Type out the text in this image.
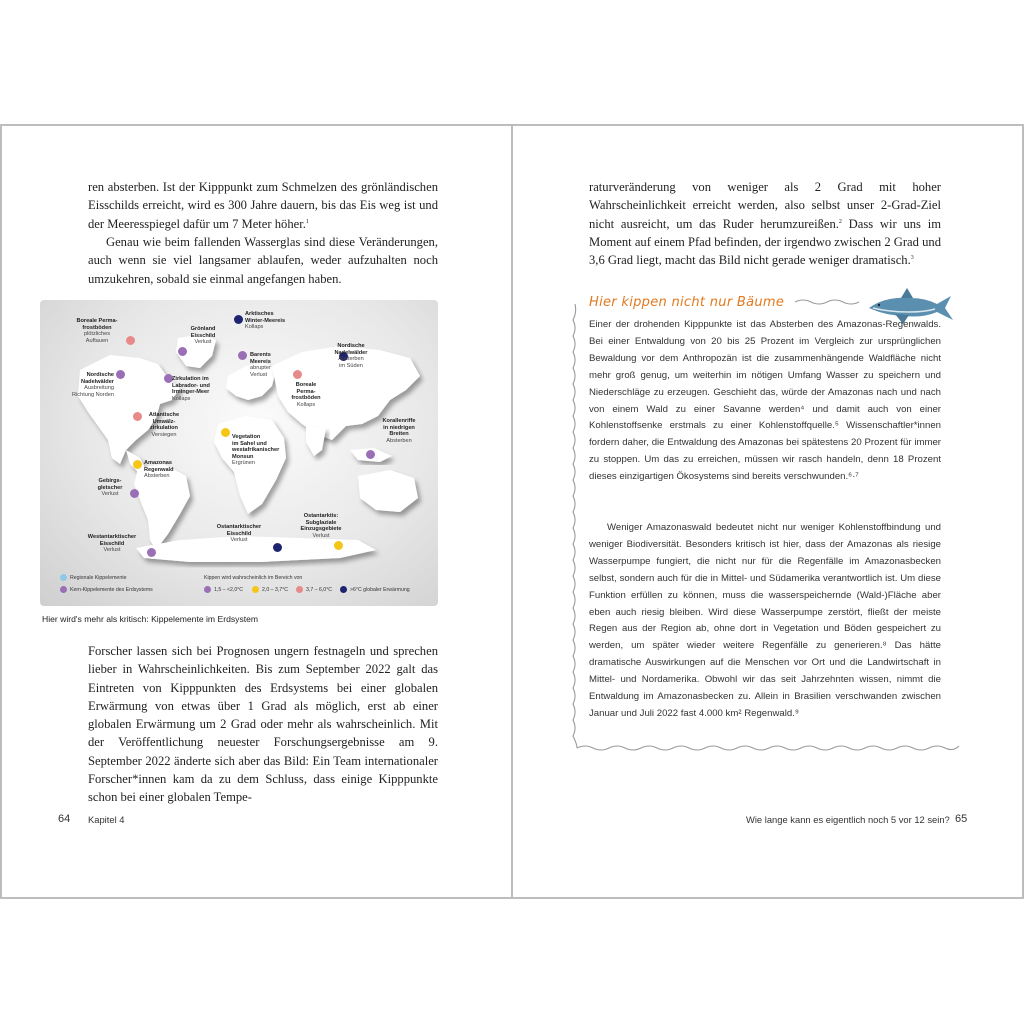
ren absterben. Ist der Kipppunkt zum Schmelzen des grönländischen Eisschilds erreicht, wird es 300 Jahre dauern, bis das Eis weg ist und der Meeresspiegel dafür um 7 Meter höher.$^1$
Genau wie beim fallenden Wasserglas sind diese Veränderungen, auch wenn sie viel langsamer ablaufen, weder aufzuhalten noch umzukehren, sobald sie einmal angefangen haben.
Boreale Perma-
frostböden
plötzliches
Auftauen
Grönland
Eisschild
Verlust
Arktisches
Winter-Meereis
Kollaps
Barents
Meereis
abrupter
Verlust
Nordische
Nadelwälder
Absterben
im Süden
Nordische
Nadelwälder
Ausbreitung
Richtung Norden
Zirkulation im
Labrador- und
Irminger-Meer
Kollaps
Boreale
Perma-
frostböden
Kollaps
Atlantische
Umwälz-
zirkulation
Versiegen
Korallenriffe
in niedrigen
Breiten
Absterben
Vegetation
im Sahel und
westafrikanischer
Monsun
Ergrünen
Amazonas
Regenwald
Absterben
Gebirgs-
gletscher
Verlust
Ostantarktischer
Eisschild
Verlust
Ostantarktis:
Subglaziale
Einzugsgebiete
Verlust
Westantarktischer
Eisschild
Verlust
Regionale Kippelemente
Kern-Kippelemente des Erdsystems
Kippen wird wahrscheinlich im Bereich von
1,5 – <2,0°C	2,0 – 3,7°C	3,7 – 6,0°C	>6°C globaler Erwärmung
Hier wird's mehr als kritisch: Kippelemente im Erdsystem
Forscher lassen sich bei Prognosen ungern festnageln und sprechen lieber in Wahrscheinlichkeiten. Bis zum September 2022 galt das Eintreten von Kipppunkten des Erdsystems bei einer globalen Erwärmung von etwas über 1 Grad als möglich, erst ab einer globalen Erwärmung um 2 Grad oder mehr als wahrscheinlich. Mit der Veröffentlichung neuester Forschungsergebnisse am 9. September 2022 änderte sich aber das Bild: Ein Team internationaler Forscher*innen kam da zu dem Schluss, dass einige Kipppunkte schon bei einer globalen Tempe-
64 Kapitel 4
raturveränderung von weniger als 2 Grad mit hoher Wahrscheinlichkeit erreicht werden, also selbst unser 2-Grad-Ziel nicht ausreicht, um das Ruder herumzureißen.$^2$ Dass wir uns im Moment auf einem Pfad befinden, der irgendwo zwischen 2 Grad und 3,6 Grad liegt, macht das Bild nicht gerade weniger dramatisch.$^3$
Hier kippen nicht nur Bäume
Einer der drohenden Kipppunkte ist das Absterben des Amazonas-Regenwalds. Bei einer Entwaldung von 20 bis 25 Prozent im Vergleich zur ursprünglichen Bewaldung vor dem Anthropozän ist die zusammenhängende Waldfläche nicht mehr groß genug, um weiterhin im nötigen Umfang Wasser zu speichern und Niederschläge zu erzeugen. Geschieht das, würde der Amazonas nach und nach von einem Wald zu einer Savanne werden⁴ und damit auch von einer Kohlenstoffsenke erstmals zu einer Kohlenstoffquelle.⁵ Wissenschaftler*innen fordern daher, die Entwaldung des Amazonas bei spätestens 20 Prozent für immer zu stoppen. Um das zu erreichen, müssen wir rasch handeln, denn 18 Prozent dieses einzigartigen Ökosystems sind bereits verschwunden.⁶·⁷
Weniger Amazonaswald bedeutet nicht nur weniger Kohlenstoffbindung und weniger Biodiversität. Besonders kritisch ist hier, dass der Amazonas als riesige Wasserpumpe fungiert, die nicht nur für die Regenfälle im Amazonasbecken selbst, sondern auch für die in Mittel- und Südamerika verantwortlich ist. Um diese Funktion erfüllen zu können, muss die wasserspeichernde (Wald-)Fläche aber eben auch riesig bleiben. Wird diese Wasserpumpe zerstört, fließt der meiste Regen aus der Region ab, ohne dort in Vegetation und Böden gespeichert zu werden, um später wieder weitere Regenfälle zu generieren.⁸ Das hätte dramatische Auswirkungen auf die Menschen vor Ort und die Landwirtschaft in Mittel- und Nordamerika. Obwohl wir das seit Jahrzehnten wissen, nimmt die Entwaldung im Amazonasbecken zu. Allein in Brasilien verschwanden zwischen Januar und Juli 2022 fast 4.000 km² Regenwald.⁹
Wie lange kann es eigentlich noch 5 vor 12 sein? 65
